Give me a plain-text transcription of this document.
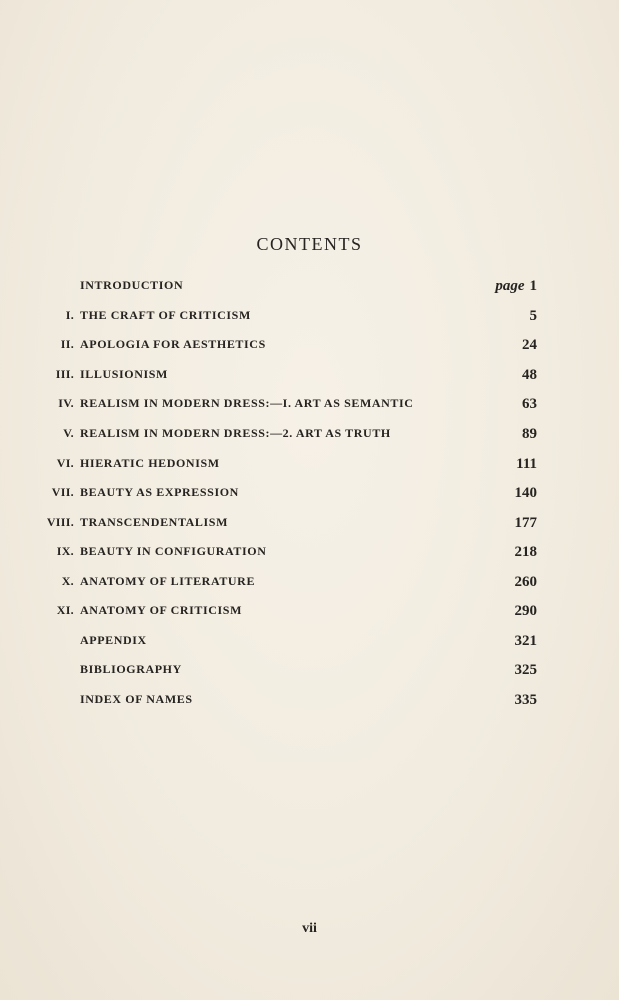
CONTENTS
INTRODUCTION	page 1
I. THE CRAFT OF CRITICISM	5
II. APOLOGIA FOR AESTHETICS	24
III. ILLUSIONISM	48
IV. REALISM IN MODERN DRESS:—I. ART AS SEMANTIC	63
V. REALISM IN MODERN DRESS:—2. ART AS TRUTH	89
VI. HIERATIC HEDONISM	111
VII. BEAUTY AS EXPRESSION	140
VIII. TRANSCENDENTALISM	177
IX. BEAUTY IN CONFIGURATION	218
X. ANATOMY OF LITERATURE	260
XI. ANATOMY OF CRITICISM	290
APPENDIX	321
BIBLIOGRAPHY	325
INDEX OF NAMES	335
vii
